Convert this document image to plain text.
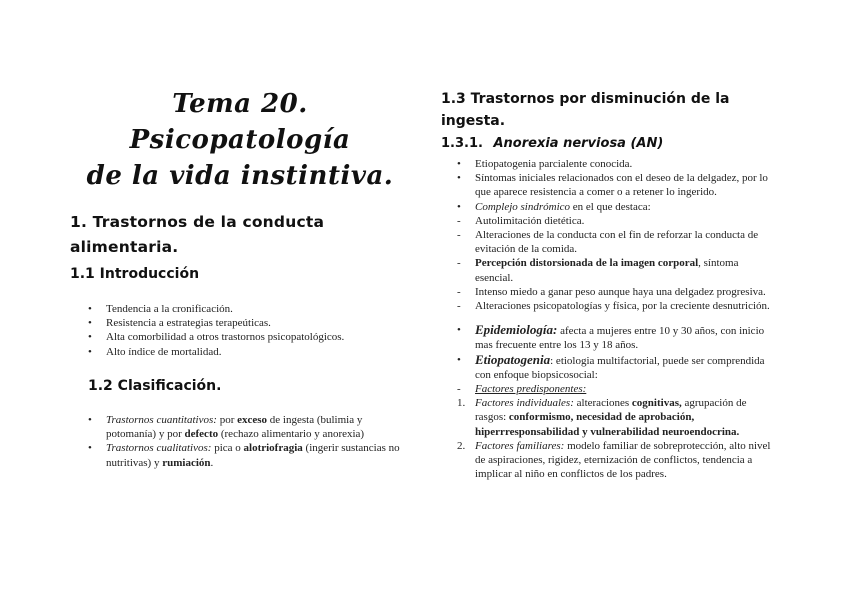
Tema 20. Psicopatología
de la vida instintiva.
1. Trastornos de la conducta
alimentaria.
1.1 Introducción
• Tendencia a la cronificación.
• Resistencia a estrategias terapeúticas.
• Alta comorbilidad a otros trastornos psicopatológicos.
• Alto índice de mortalidad.
1.2 Clasificación.
• Trastornos cuantitativos: por exceso de ingesta (bulimia y potomanía) y por defecto (rechazo alimentario y anorexia)
• Trastornos cualitativos: pica o alotriofragia (ingerir sustancias no nutritivas) y rumiación.
1.3 Trastornos por disminución de la
ingesta.
1.3.1. Anorexia nerviosa (AN)
• Etiopatogenia parcialente conocida.
• Síntomas iniciales relacionados con el deseo de la delgadez, por lo que aparece resistencia a comer o a retener lo ingerido.
• Complejo sindrómico en el que destaca:
- Autolimitación dietética.
- Alteraciones de la conducta con el fin de reforzar la conducta de evitación de la comida.
- Percepción distorsionada de la imagen corporal, síntoma esencial.
- Intenso miedo a ganar peso aunque haya una delgadez progresiva.
- Alteraciones psicopatologías y física, por la creciente desnutrición.
• Epidemiología: afecta a mujeres entre 10 y 30 años, con inicio mas frecuente entre los 13 y 18 años.
• Etiopatogenia: etiologia multifactorial, puede ser comprendida con enfoque biopsicosocial:
- Factores predisponentes:
1. Factores individuales: alteraciones cognitivas, agrupación de rasgos: conformismo, necesidad de aprobación, hiperrresponsabilidad y vulnerabilidad neuroendocrina.
2. Factores familiares: modelo familiar de sobreprotección, alto nivel de aspiraciones, rigidez, eternización de conflictos, tendencia a implicar al niño en conflictos de los padres.
